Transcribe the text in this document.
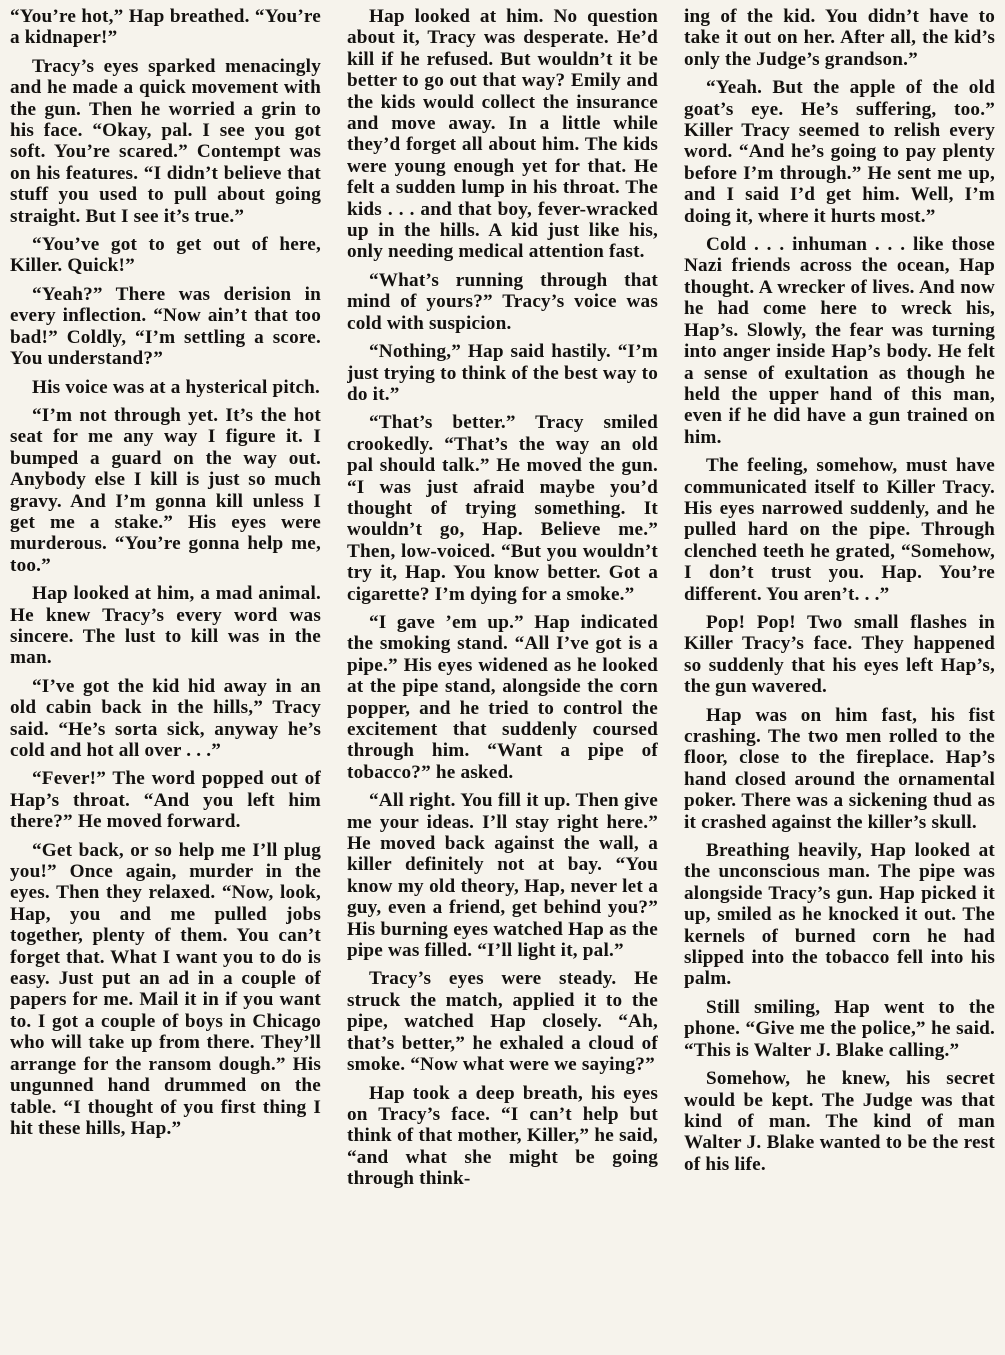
“You’re hot,” Hap breathed. “You’re a kidnaper!”

Tracy’s eyes sparked menacingly and he made a quick movement with the gun. Then he worried a grin to his face. “Okay, pal. I see you got soft. You’re scared.” Contempt was on his features. “I didn’t believe that stuff you used to pull about going straight. But I see it’s true.”

“You’ve got to get out of here, Killer. Quick!”

“Yeah?” There was derision in every inflection. “Now ain’t that too bad!” Coldly, “I’m settling a score. You understand?”

His voice was at a hysterical pitch.

“I’m not through yet. It’s the hot seat for me any way I figure it. I bumped a guard on the way out. Anybody else I kill is just so much gravy. And I’m gonna kill unless I get me a stake.” His eyes were murderous. “You’re gonna help me, too.”

Hap looked at him, a mad animal. He knew Tracy’s every word was sincere. The lust to kill was in the man.

“I’ve got the kid hid away in an old cabin back in the hills,” Tracy said. “He’s sorta sick, anyway he’s cold and hot all over . . .”

“Fever!” The word popped out of Hap’s throat. “And you left him there?” He moved forward.

“Get back, or so help me I’ll plug you!” Once again, murder in the eyes. Then they relaxed. “Now, look, Hap, you and me pulled jobs together, plenty of them. You can’t forget that. What I want you to do is easy. Just put an ad in a couple of papers for me. Mail it in if you want to. I got a couple of boys in Chicago who will take up from there. They’ll arrange for the ransom dough.” His ungunned hand drummed on the table. “I thought of you first thing I hit these hills, Hap.”

Hap looked at him. No question about it, Tracy was desperate. He’d kill if he refused. But wouldn’t it be better to go out that way? Emily and the kids would collect the insurance and move away. In a little while they’d forget all about him. The kids were young enough yet for that. He felt a sudden lump in his throat. The kids . . . and that boy, fever-wracked up in the hills. A kid just like his, only needing medical attention fast.

“What’s running through that mind of yours?” Tracy’s voice was cold with suspicion.

“Nothing,” Hap said hastily. “I’m just trying to think of the best way to do it.”

“That’s better.” Tracy smiled crookedly. “That’s the way an old pal should talk.” He moved the gun. “I was just afraid maybe you’d thought of trying something. It wouldn’t go, Hap. Believe me.” Then, low-voiced. “But you wouldn’t try it, Hap. You know better. Got a cigarette? I’m dying for a smoke.”

“I gave ’em up.” Hap indicated the smoking stand. “All I’ve got is a pipe.” His eyes widened as he looked at the pipe stand, alongside the corn popper, and he tried to control the excitement that suddenly coursed through him. “Want a pipe of tobacco?” he asked.

“All right. You fill it up. Then give me your ideas. I’ll stay right here.” He moved back against the wall, a killer definitely not at bay. “You know my old theory, Hap, never let a guy, even a friend, get behind you?” His burning eyes watched Hap as the pipe was filled. “I’ll light it, pal.”

Tracy’s eyes were steady. He struck the match, applied it to the pipe, watched Hap closely. “Ah, that’s better,” he exhaled a cloud of smoke. “Now what were we saying?”

Hap took a deep breath, his eyes on Tracy’s face. “I can’t help but think of that mother, Killer,” he said, “and what she might be going through think-

ing of the kid. You didn’t have to take it out on her. After all, the kid’s only the Judge’s grandson.”

“Yeah. But the apple of the old goat’s eye. He’s suffering, too.” Killer Tracy seemed to relish every word. “And he’s going to pay plenty before I’m through.” He sent me up, and I said I’d get him. Well, I’m doing it, where it hurts most.”

Cold . . . inhuman . . . like those Nazi friends across the ocean, Hap thought. A wrecker of lives. And now he had come here to wreck his, Hap’s. Slowly, the fear was turning into anger inside Hap’s body. He felt a sense of exultation as though he held the upper hand of this man, even if he did have a gun trained on him.

The feeling, somehow, must have communicated itself to Killer Tracy. His eyes narrowed suddenly, and he pulled hard on the pipe. Through clenched teeth he grated, “Somehow, I don’t trust you. Hap. You’re different. You aren’t. . .”

Pop! Pop! Two small flashes in Killer Tracy’s face. They happened so suddenly that his eyes left Hap’s, the gun wavered.

Hap was on him fast, his fist crashing. The two men rolled to the floor, close to the fireplace. Hap’s hand closed around the ornamental poker. There was a sickening thud as it crashed against the killer’s skull.

Breathing heavily, Hap looked at the unconscious man. The pipe was alongside Tracy’s gun. Hap picked it up, smiled as he knocked it out. The kernels of burned corn he had slipped into the tobacco fell into his palm.

Still smiling, Hap went to the phone. “Give me the police,” he said. “This is Walter J. Blake calling.”

Somehow, he knew, his secret would be kept. The Judge was that kind of man. The kind of man Walter J. Blake wanted to be the rest of his life.
